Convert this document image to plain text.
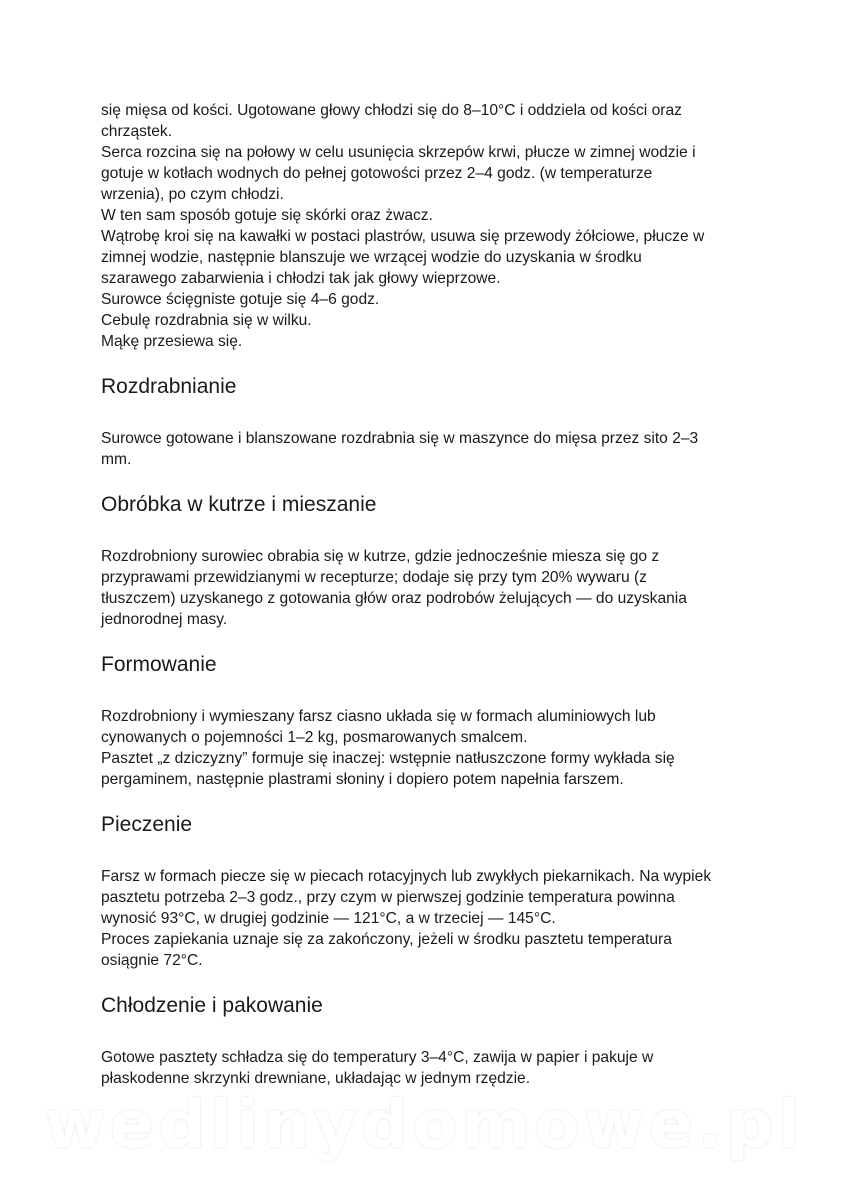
się mięsa od kości. Ugotowane głowy chłodzi się do 8–10°C i oddziela od kości oraz
chrząstek.
Serca rozcina się na połowy w celu usunięcia skrzepów krwi, płucze w zimnej wodzie i
gotuje w kotłach wodnych do pełnej gotowości przez 2–4 godz. (w temperaturze
wrzenia), po czym chłodzi.
W ten sam sposób gotuje się skórki oraz żwacz.
Wątrobę kroi się na kawałki w postaci plastrów, usuwa się przewody żółciowe, płucze w
zimnej wodzie, następnie blanszuje we wrzącej wodzie do uzyskania w środku
szarawego zabarwienia i chłodzi tak jak głowy wieprzowe.
Surowce ścięgniste gotuje się 4–6 godz.
Cebulę rozdrabnia się w wilku.
Mąkę przesiewa się.

Rozdrabnianie

Surowce gotowane i blanszowane rozdrabnia się w maszynce do mięsa przez sito 2–3
mm.

Obróbka w kutrze i mieszanie

Rozdrobniony surowiec obrabia się w kutrze, gdzie jednocześnie miesza się go z
przyprawami przewidzianymi w recepturze; dodaje się przy tym 20% wywaru (z
tłuszczem) uzyskanego z gotowania głów oraz podrobów żelujących — do uzyskania
jednorodnej masy.

Formowanie

Rozdrobniony i wymieszany farsz ciasno układa się w formach aluminiowych lub
cynowanych o pojemności 1–2 kg, posmarowanych smalcem.
Pasztet „z dziczyzny” formuje się inaczej: wstępnie natłuszczone formy wykłada się
pergaminem, następnie plastrami słoniny i dopiero potem napełnia farszem.

Pieczenie

Farsz w formach piecze się w piecach rotacyjnych lub zwykłych piekarnikach. Na wypiek
pasztetu potrzeba 2–3 godz., przy czym w pierwszej godzinie temperatura powinna
wynosić 93°C, w drugiej godzinie — 121°C, a w trzeciej — 145°C.
Proces zapiekania uznaje się za zakończony, jeżeli w środku pasztetu temperatura
osiągnie 72°C.

Chłodzenie i pakowanie

Gotowe pasztety schładza się do temperatury 3–4°C, zawija w papier i pakuje w
płaskodenne skrzynki drewniane, układając w jednym rzędzie.

wedlinydomowe.pl
